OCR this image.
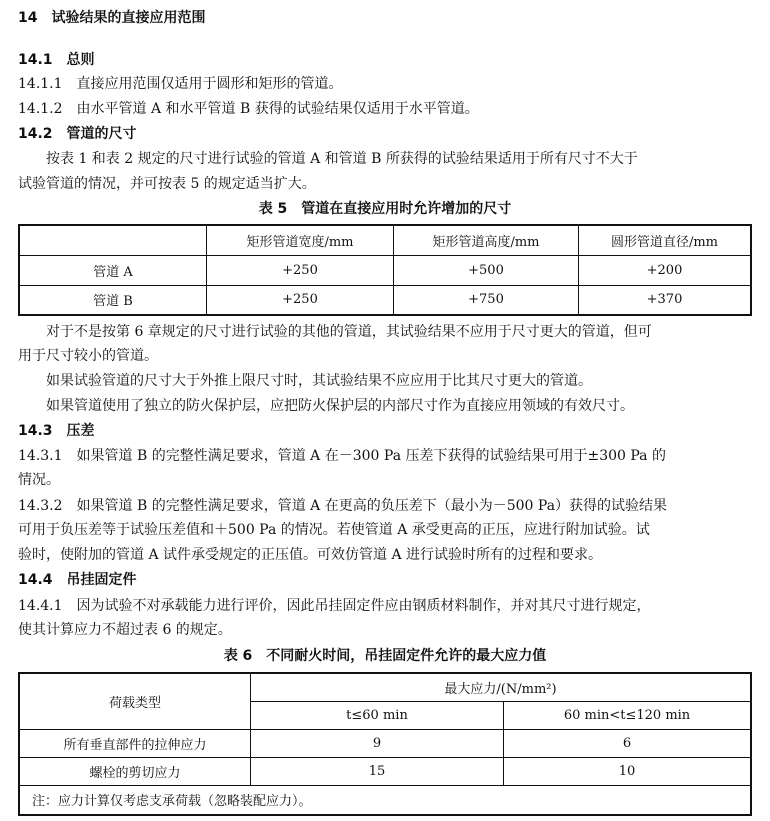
14　试验结果的直接应用范围
14.1　总则
14.1.1　直接应用范围仅适用于圆形和矩形的管道。
14.1.2　由水平管道 A 和水平管道 B 获得的试验结果仅适用于水平管道。
14.2　管道的尺寸
按表 1 和表 2 规定的尺寸进行试验的管道 A 和管道 B 所获得的试验结果适用于所有尺寸不大于
试验管道的情况，并可按表 5 的规定适当扩大。
表 5　管道在直接应用时允许增加的尺寸
	矩形管道宽度/mm	矩形管道高度/mm	圆形管道直径/mm
管道 A	+250	+500	+200
管道 B	+250	+750	+370
对于不是按第 6 章规定的尺寸进行试验的其他的管道，其试验结果不应用于尺寸更大的管道，但可
用于尺寸较小的管道。
如果试验管道的尺寸大于外推上限尺寸时，其试验结果不应应用于比其尺寸更大的管道。
如果管道使用了独立的防火保护层，应把防火保护层的内部尺寸作为直接应用领域的有效尺寸。
14.3　压差
14.3.1　如果管道 B 的完整性满足要求，管道 A 在－300 Pa 压差下获得的试验结果可用于±300 Pa 的
情况。
14.3.2　如果管道 B 的完整性满足要求，管道 A 在更高的负压差下（最小为－500 Pa）获得的试验结果
可用于负压差等于试验压差值和＋500 Pa 的情况。若使管道 A 承受更高的正压，应进行附加试验。试
验时，使附加的管道 A 试件承受规定的正压值。可效仿管道 A 进行试验时所有的过程和要求。
14.4　吊挂固定件
14.4.1　因为试验不对承载能力进行评价，因此吊挂固定件应由钢质材料制作，并对其尺寸进行规定，
使其计算应力不超过表 6 的规定。
表 6　不同耐火时间，吊挂固定件允许的最大应力值
荷载类型	最大应力/(N/mm²)	
	t≤60 min	60 min<t≤120 min
所有垂直部件的拉伸应力	9	6
螺栓的剪切应力	15	10
注：应力计算仅考虑支承荷载（忽略装配应力）。		
